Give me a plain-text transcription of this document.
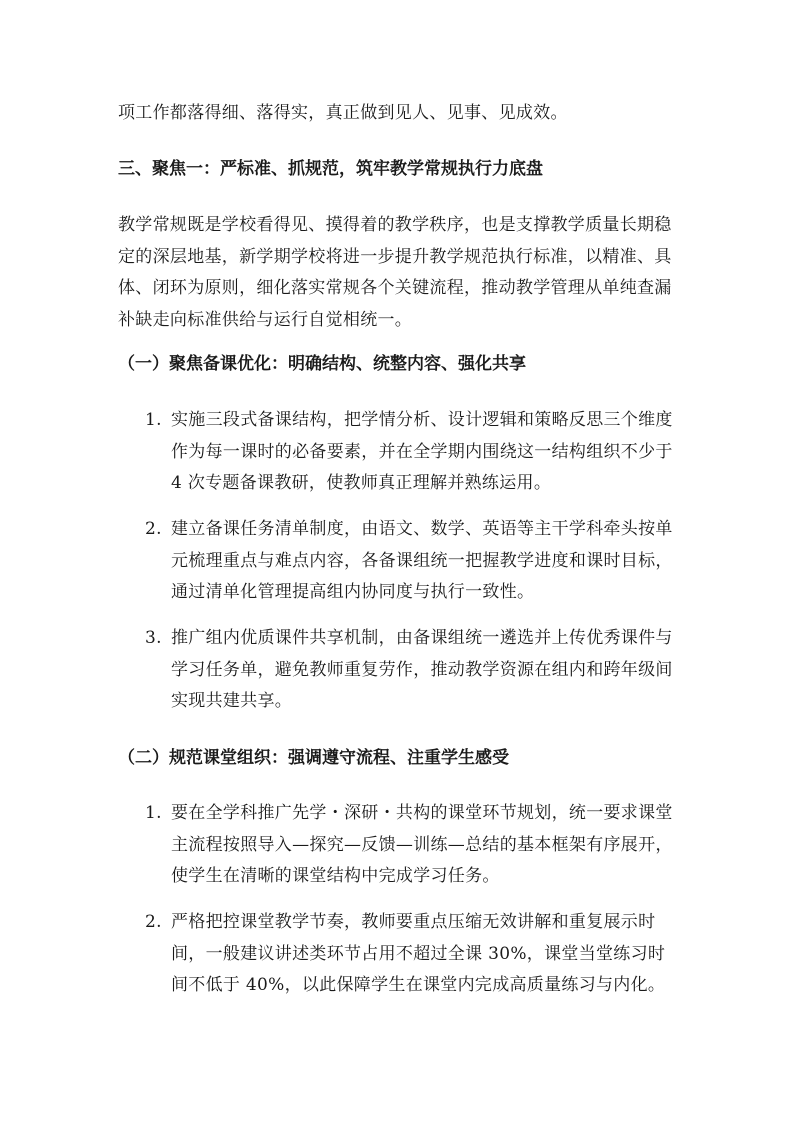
项工作都落得细、落得实，真正做到见人、见事、见成效。

三、聚焦一：严标准、抓规范，筑牢教学常规执行力底盘

教学常规既是学校看得见、摸得着的教学秩序，也是支撑教学质量长期稳定的深层地基，新学期学校将进一步提升教学规范执行标准，以精准、具体、闭环为原则，细化落实常规各个关键流程，推动教学管理从单纯查漏补缺走向标准供给与运行自觉相统一。

（一）聚焦备课优化：明确结构、统整内容、强化共享
1. 实施三段式备课结构，把学情分析、设计逻辑和策略反思三个维度作为每一课时的必备要素，并在全学期内围绕这一结构组织不少于 4 次专题备课教研，使教师真正理解并熟练运用。
2. 建立备课任务清单制度，由语文、数学、英语等主干学科牵头按单元梳理重点与难点内容，各备课组统一把握教学进度和课时目标，通过清单化管理提高组内协同度与执行一致性。
3. 推广组内优质课件共享机制，由备课组统一遴选并上传优秀课件与学习任务单，避免教师重复劳作，推动教学资源在组内和跨年级间实现共建共享。
（二）规范课堂组织：强调遵守流程、注重学生感受
1. 要在全学科推广先学・深研・共构的课堂环节规划，统一要求课堂主流程按照导入—探究—反馈—训练—总结的基本框架有序展开，使学生在清晰的课堂结构中完成学习任务。
2. 严格把控课堂教学节奏，教师要重点压缩无效讲解和重复展示时间，一般建议讲述类环节占用不超过全课 30%，课堂当堂练习时间不低于 40%，以此保障学生在课堂内完成高质量练习与内化。
